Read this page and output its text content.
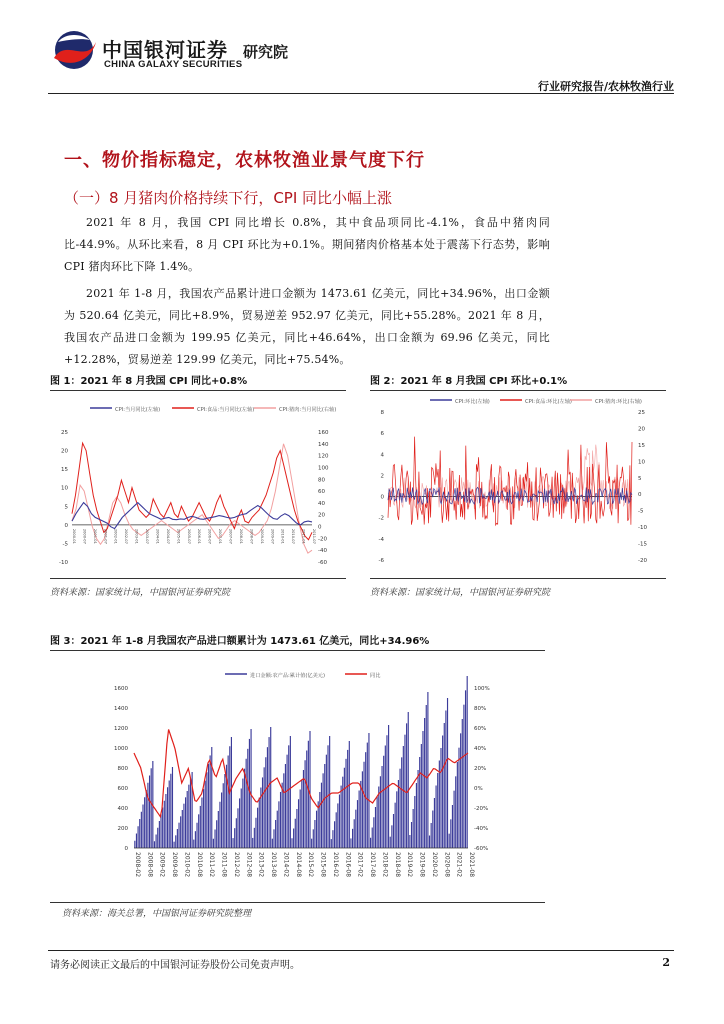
中国银河证券
CHINA GALAXY SECURITIES
研究院
行业研究报告/农林牧渔行业
一、物价指标稳定，农林牧渔业景气度下行
（一）8 月猪肉价格持续下行，CPI 同比小幅上涨
2021 年 8 月，我国 CPI 同比增长 0.8%，其中食品项同比-4.1%，食品中猪肉同比-44.9%。从环比来看，8 月 CPI 环比为+0.1%。期间猪肉价格基本处于震荡下行态势，影响 CPI 猪肉环比下降 1.4%。
2021 年 1-8 月，我国农产品累计进口金额为 1473.61 亿美元，同比+34.96%，出口金额为 520.64 亿美元，同比+8.9%，贸易逆差 952.97 亿美元，同比+55.28%。2021 年 8 月，我国农产品进口金额为 199.95 亿美元，同比+46.64%，出口金额为 69.96 亿美元，同比+12.28%，贸易逆差 129.99 亿美元，同比+75.54%。
图 1：2021 年 8 月我国 CPI 同比+0.8%
CPI:当月同比(左轴)	CPI:食品:当月同比(左轴)	CPI:猪肉:当月同比(右轴)
25
20
15
10
5
0
-5
-10
160
140
120
100
80
60
40
20
0
-20
-40
-60
2000-01 2000-07 2001-01 2001-07 2002-01 2002-07 2003-01 2003-07 2004-01 2004-07 2005-01 2005-07 2006-01 2006-07 2007-01 2007-07 2008-01 2008-07 2009-01 2009-07 2010-01 2010-07 2011-01 2011-07
资料来源：国家统计局，中国银河证券研究院
图 2：2021 年 8 月我国 CPI 环比+0.1%
CPI:环比(左轴)	CPI:食品:环比(左轴)	CPI:猪肉:环比(右轴)
8
6
4
2
0
-2
-4
-6
25
20
15
10
5
0
-5
-10
-15
-20
资料来源：国家统计局，中国银河证券研究院
图 3：2021 年 1-8 月我国农产品进口额累计为 1473.61 亿美元，同比+34.96%
进口金额:农产品:累计值(亿美元)	同比
1600
1400
1200
1000
800
600
400
200
0
100%
80%
60%
40%
20%
0%
-20%
-40%
-60%
2008-02 2008-08 2009-02 2009-08 2010-02 2010-08 2011-02 2011-08 2012-02 2012-08 2013-02 2013-08 2014-02 2014-08 2015-02 2015-08 2016-02 2016-08 2017-02 2017-08 2018-02 2018-08 2019-02 2019-08 2020-02 2020-08 2021-02 2021-08
资料来源：海关总署，中国银河证券研究院整理
请务必阅读正文最后的中国银河证券股份公司免责声明。	2
